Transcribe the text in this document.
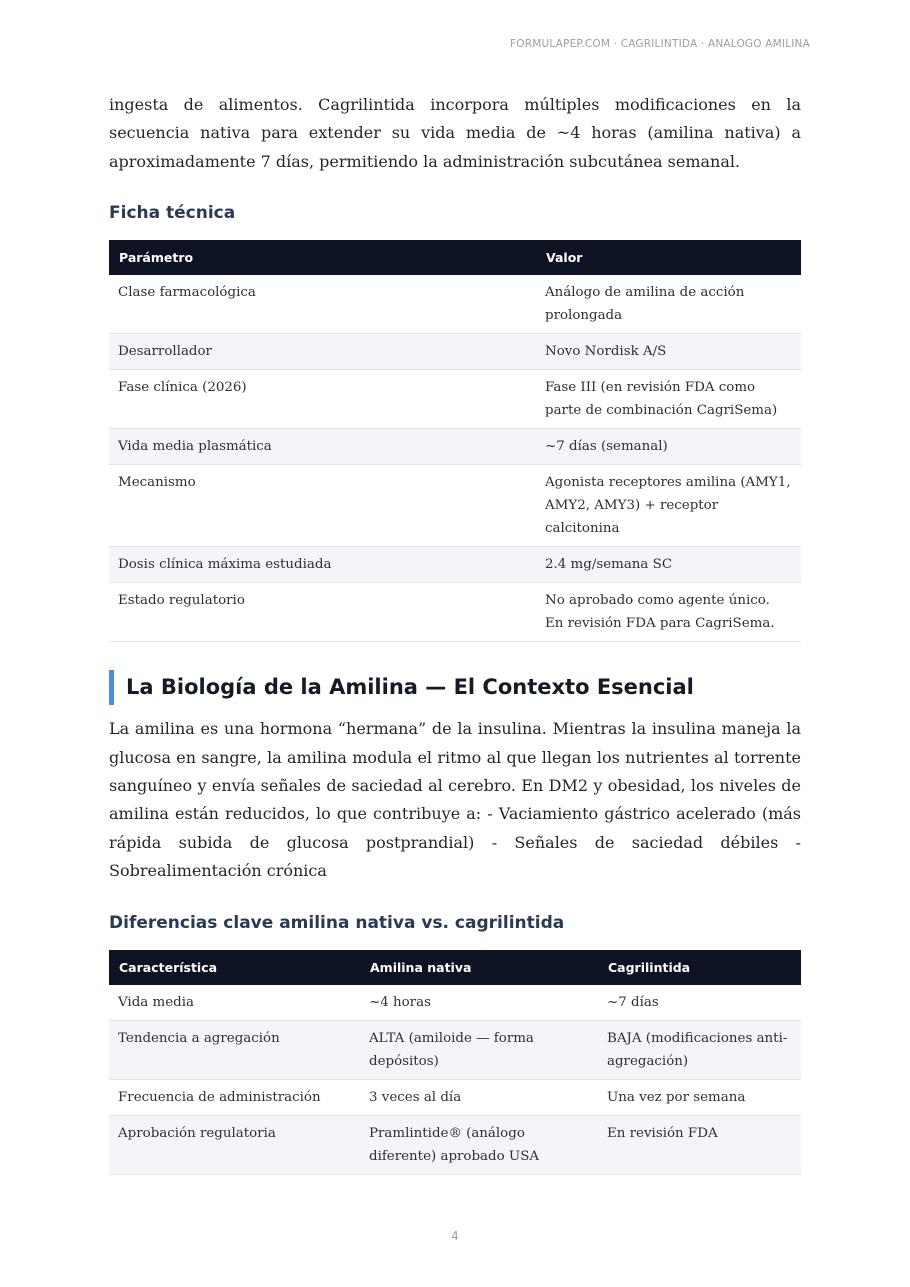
FORMULAPEP.COM · CAGRILINTIDA · ANALOGO AMILINA

ingesta de alimentos. Cagrilintida incorpora múltiples modificaciones en la secuencia nativa para extender su vida media de ~4 horas (amilina nativa) a aproximadamente 7 días, permitiendo la administración subcutánea semanal.

Ficha técnica
Parámetro	Valor
Clase farmacológica	Análogo de amilina de acción prolongada
Desarrollador	Novo Nordisk A/S
Fase clínica (2026)	Fase III (en revisión FDA como parte de combinación CagriSema)
Vida media plasmática	~7 días (semanal)
Mecanismo	Agonista receptores amilina (AMY1, AMY2, AMY3) + receptor calcitonina
Dosis clínica máxima estudiada	2.4 mg/semana SC
Estado regulatorio	No aprobado como agente único. En revisión FDA para CagriSema.
La Biología de la Amilina — El Contexto Esencial

La amilina es una hormona “hermana” de la insulina. Mientras la insulina maneja la glucosa en sangre, la amilina modula el ritmo al que llegan los nutrientes al torrente sanguíneo y envía señales de saciedad al cerebro. En DM2 y obesidad, los niveles de amilina están reducidos, lo que contribuye a: - Vaciamiento gástrico acelerado (más rápida subida de glucosa postprandial) - Señales de saciedad débiles - Sobrealimentación crónica

Diferencias clave amilina nativa vs. cagrilintida
Característica	Amilina nativa	Cagrilintida
Vida media	~4 horas	~7 días
Tendencia a agregación	ALTA (amiloide — forma depósitos)	BAJA (modificaciones anti-agregación)
Frecuencia de administración	3 veces al día	Una vez por semana
Aprobación regulatoria	Pramlintide® (análogo diferente) aprobado USA	En revisión FDA
4
